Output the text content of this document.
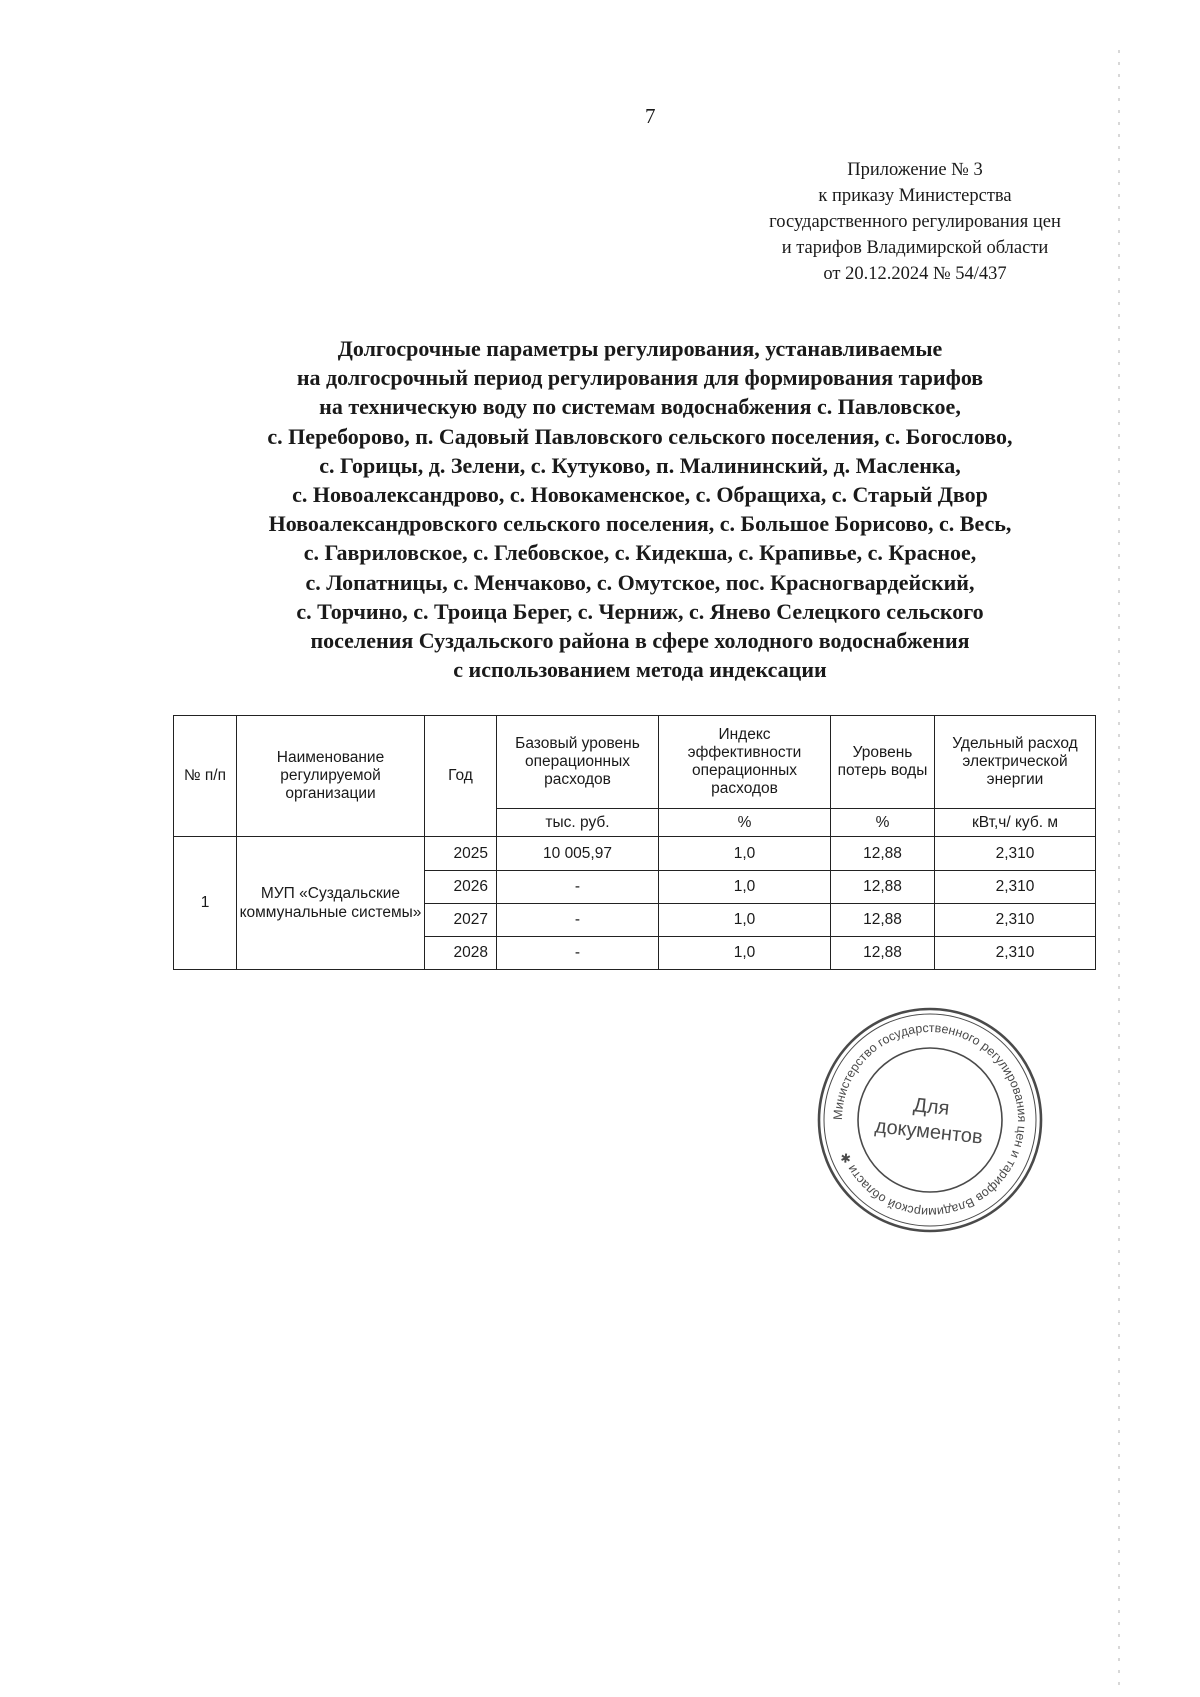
7
Приложение № 3
к приказу Министерства
государственного регулирования цен
и тарифов Владимирской области
от 20.12.2024 № 54/437
Долгосрочные параметры регулирования, устанавливаемые
на долгосрочный период регулирования для формирования тарифов
на техническую воду по системам водоснабжения с. Павловское,
с. Переборово, п. Садовый Павловского сельского поселения, с. Богослово,
с. Горицы, д. Зелени, с. Кутуково, п. Малининский, д. Масленка,
с. Новоалександрово, с. Новокаменское, с. Обращиха, с. Старый Двор
Новоалександровского сельского поселения, с. Большое Борисово, с. Весь,
с. Гавриловское, с. Глебовское, с. Кидекша, с. Крапивье, с. Красное,
с. Лопатницы, с. Менчаково, с. Омутское, пос. Красногвардейский,
с. Торчино, с. Троица Берег, с. Черниж, с. Янево Селецкого сельского
поселения Суздальского района в сфере холодного водоснабжения
с использованием метода индексации
№ п/п	Наименование регулируемой организации	Год	Базовый уровень операционных расходов	Индекс эффективности операционных расходов	Уровень потерь воды	Удельный расход электрической энергии
			тыс. руб.	%	%	кВт,ч/ куб. м
1	МУП «Суздальские коммунальные системы»	2025	10 005,97	1,0	12,88	2,310
		2026	-	1,0	12,88	2,310
		2027	-	1,0	12,88	2,310
		2028	-	1,0	12,88	2,310
Министерство государственного регулирования цен и тарифов Владимирской области ✱
Для
документов
